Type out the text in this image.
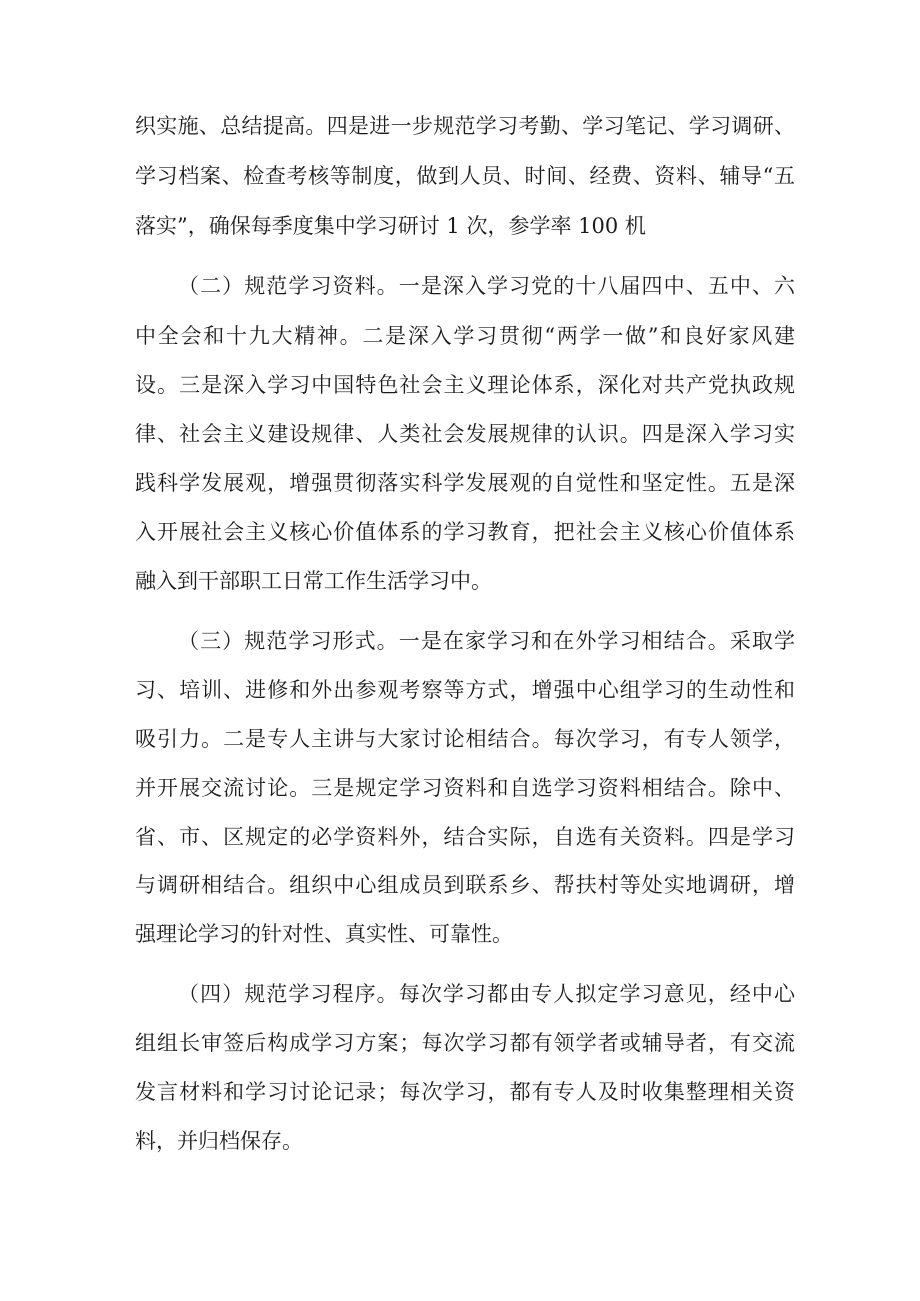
织实施、总结提高。四是进一步规范学习考勤、学习笔记、学习调研、

学习档案、检查考核等制度，做到人员、时间、经费、资料、辅导“五

落实”，确保每季度集中学习研讨 1 次，参学率 100 机

（二）规范学习资料。一是深入学习党的十八届四中、五中、六

中全会和十九大精神。二是深入学习贯彻“两学一做”和良好家风建

设。三是深入学习中国特色社会主义理论体系，深化对共产党执政规

律、社会主义建设规律、人类社会发展规律的认识。四是深入学习实

践科学发展观，增强贯彻落实科学发展观的自觉性和坚定性。五是深

入开展社会主义核心价值体系的学习教育，把社会主义核心价值体系

融入到干部职工日常工作生活学习中。

（三）规范学习形式。一是在家学习和在外学习相结合。采取学

习、培训、进修和外出参观考察等方式，增强中心组学习的生动性和

吸引力。二是专人主讲与大家讨论相结合。每次学习，有专人领学，

并开展交流讨论。三是规定学习资料和自选学习资料相结合。除中、

省、市、区规定的必学资料外，结合实际，自选有关资料。四是学习

与调研相结合。组织中心组成员到联系乡、帮扶村等处实地调研，增

强理论学习的针对性、真实性、可靠性。

（四）规范学习程序。每次学习都由专人拟定学习意见，经中心

组组长审签后构成学习方案；每次学习都有领学者或辅导者，有交流

发言材料和学习讨论记录；每次学习，都有专人及时收集整理相关资

料，并归档保存。
